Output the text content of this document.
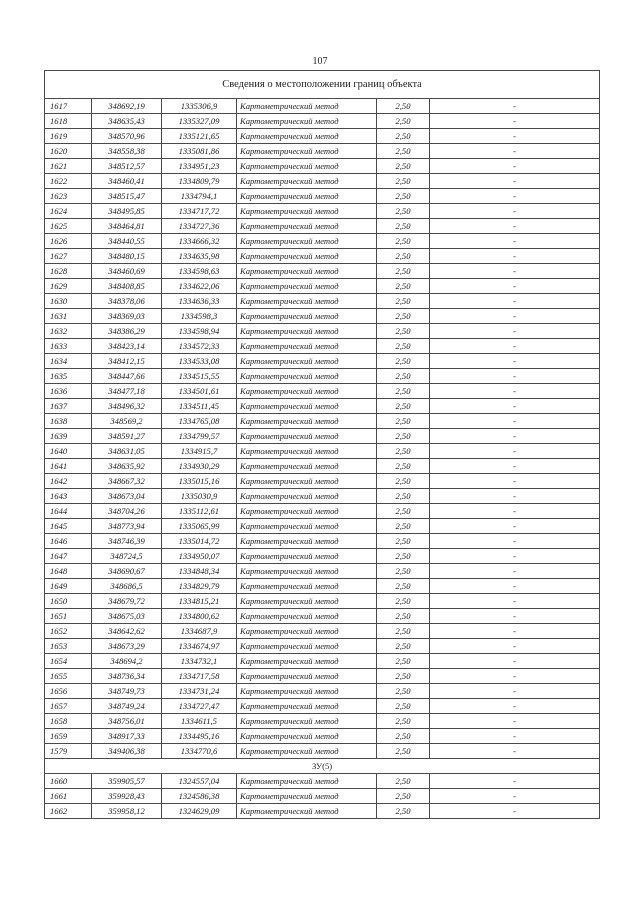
107
Сведения о местоположении границ объекта					
1617	348692,19	1335306,9	Картометрический метод	2,50	-
1618	348635,43	1335327,09	Картометрический метод	2,50	-
1619	348570,96	1335121,65	Картометрический метод	2,50	-
1620	348558,38	1335081,86	Картометрический метод	2,50	-
1621	348512,57	1334951,23	Картометрический метод	2,50	-
1622	348460,41	1334809,79	Картометрический метод	2,50	-
1623	348515,47	1334794,1	Картометрический метод	2,50	-
1624	348495,85	1334717,72	Картометрический метод	2,50	-
1625	348464,81	1334727,36	Картометрический метод	2,50	-
1626	348440,55	1334666,32	Картометрический метод	2,50	-
1627	348480,15	1334635,98	Картометрический метод	2,50	-
1628	348460,69	1334598,63	Картометрический метод	2,50	-
1629	348408,85	1334622,06	Картометрический метод	2,50	-
1630	348378,06	1334636,33	Картометрический метод	2,50	-
1631	348369,03	1334598,3	Картометрический метод	2,50	-
1632	348386,29	1334598,94	Картометрический метод	2,50	-
1633	348423,14	1334572,33	Картометрический метод	2,50	-
1634	348412,15	1334533,08	Картометрический метод	2,50	-
1635	348447,66	1334515,55	Картометрический метод	2,50	-
1636	348477,18	1334501,61	Картометрический метод	2,50	-
1637	348496,32	1334511,45	Картометрический метод	2,50	-
1638	348569,2	1334765,08	Картометрический метод	2,50	-
1639	348591,27	1334799,57	Картометрический метод	2,50	-
1640	348631,05	1334915,7	Картометрический метод	2,50	-
1641	348635,92	1334930,29	Картометрический метод	2,50	-
1642	348667,32	1335015,16	Картометрический метод	2,50	-
1643	348673,04	1335030,9	Картометрический метод	2,50	-
1644	348704,26	1335112,61	Картометрический метод	2,50	-
1645	348773,94	1335065,99	Картометрический метод	2,50	-
1646	348746,39	1335014,72	Картометрический метод	2,50	-
1647	348724,5	1334950,07	Картометрический метод	2,50	-
1648	348690,67	1334848,34	Картометрический метод	2,50	-
1649	348686,5	1334829,79	Картометрический метод	2,50	-
1650	348679,72	1334815,21	Картометрический метод	2,50	-
1651	348675,03	1334800,62	Картометрический метод	2,50	-
1652	348642,62	1334687,9	Картометрический метод	2,50	-
1653	348673,29	1334674,97	Картометрический метод	2,50	-
1654	348694,2	1334732,1	Картометрический метод	2,50	-
1655	348736,34	1334717,58	Картометрический метод	2,50	-
1656	348749,73	1334731,24	Картометрический метод	2,50	-
1657	348749,24	1334727,47	Картометрический метод	2,50	-
1658	348756,01	1334611,5	Картометрический метод	2,50	-
1659	348917,33	1334495,16	Картометрический метод	2,50	-
1579	349406,38	1334770,6	Картометрический метод	2,50	-
ЗУ(5)					
1660	359905,57	1324557,04	Картометрический метод	2,50	-
1661	359928,43	1324586,38	Картометрический метод	2,50	-
1662	359958,12	1324629,09	Картометрический метод	2,50	-
